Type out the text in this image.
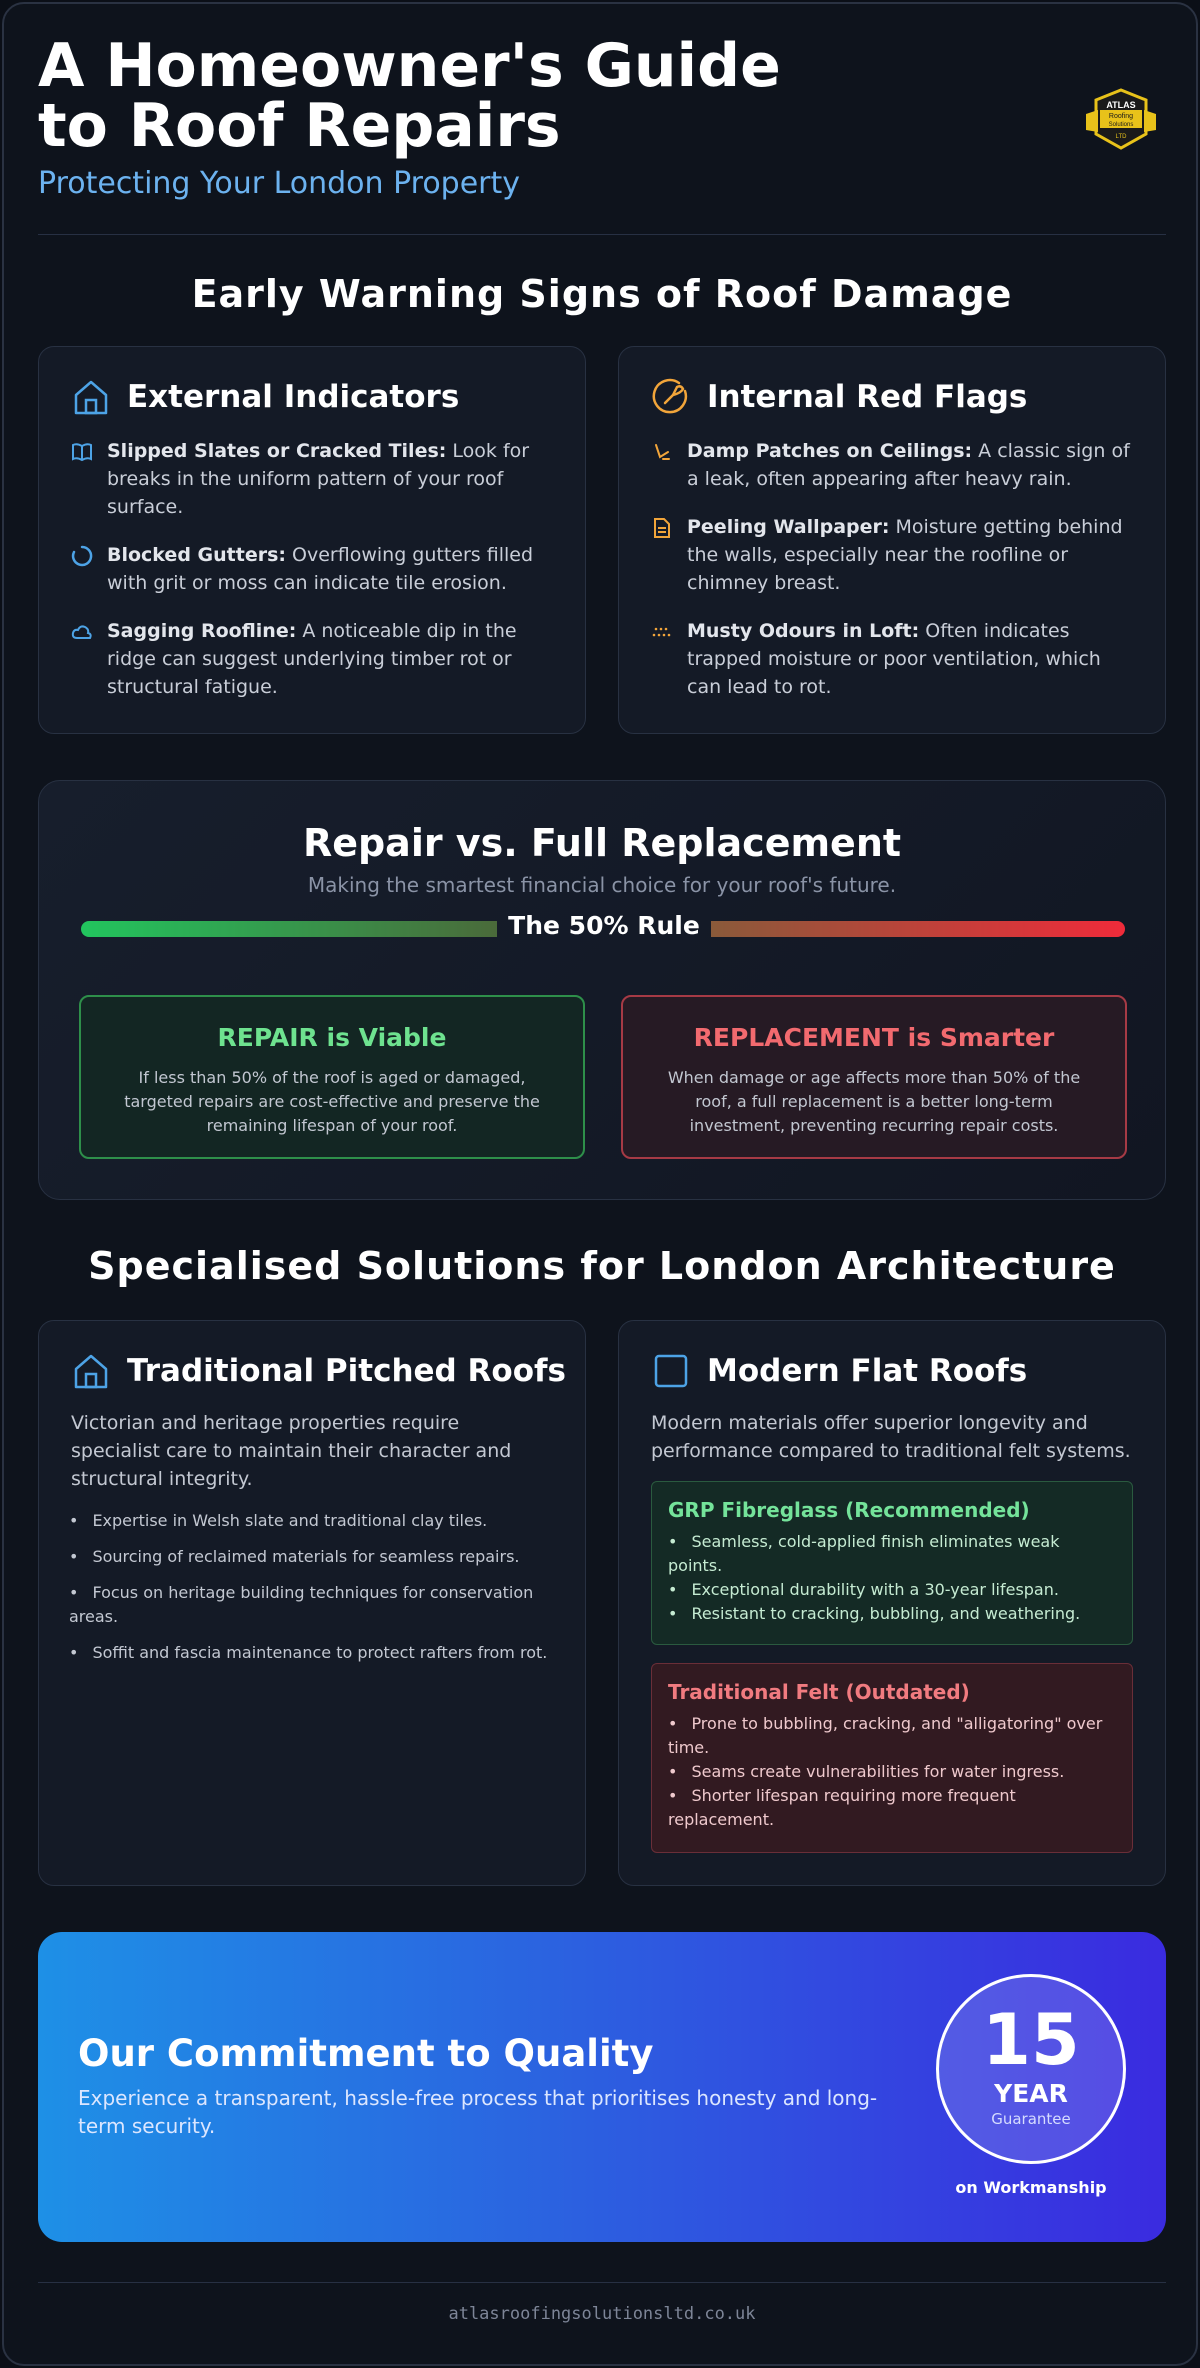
A Homeowner's Guide
to Roof Repairs
Protecting Your London Property
ATLAS
Roofing
Solutions
LTD
Early Warning Signs of Roof Damage
External Indicators
Slipped Slates or Cracked Tiles: Look for breaks in the uniform pattern of your roof surface.
Blocked Gutters: Overflowing gutters filled with grit or moss can indicate tile erosion.
Sagging Roofline: A noticeable dip in the ridge can suggest underlying timber rot or structural fatigue.
Internal Red Flags
Damp Patches on Ceilings: A classic sign of a leak, often appearing after heavy rain.
Peeling Wallpaper: Moisture getting behind the walls, especially near the roofline or chimney breast.
Musty Odours in Loft: Often indicates trapped moisture or poor ventilation, which can lead to rot.
Repair vs. Full Replacement
Making the smartest financial choice for your roof's future.
The 50% Rule
REPAIR is Viable
If less than 50% of the roof is aged or damaged, targeted repairs are cost-effective and preserve the remaining lifespan of your roof.
REPLACEMENT is Smarter
When damage or age affects more than 50% of the roof, a full replacement is a better long-term investment, preventing recurring repair costs.
Specialised Solutions for London Architecture
Traditional Pitched Roofs
Victorian and heritage properties require specialist care to maintain their character and structural integrity.
• Expertise in Welsh slate and traditional clay tiles.
• Sourcing of reclaimed materials for seamless repairs.
• Focus on heritage building techniques for conservation areas.
• Soffit and fascia maintenance to protect rafters from rot.
Modern Flat Roofs
Modern materials offer superior longevity and performance compared to traditional felt systems.
GRP Fibreglass (Recommended)
• Seamless, cold-applied finish eliminates weak points.
• Exceptional durability with a 30-year lifespan.
• Resistant to cracking, bubbling, and weathering.
Traditional Felt (Outdated)
• Prone to bubbling, cracking, and "alligatoring" over time.
• Seams create vulnerabilities for water ingress.
• Shorter lifespan requiring more frequent replacement.
Our Commitment to Quality
Experience a transparent, hassle-free process that prioritises honesty and long-term security.
15
YEAR
Guarantee
on Workmanship
atlasroofingsolutionsltd.co.uk
